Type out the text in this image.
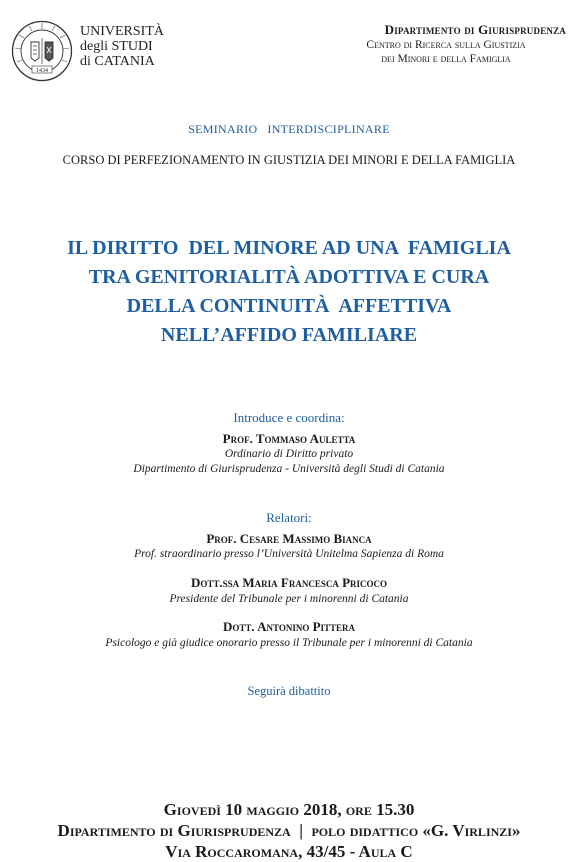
1434
UNIVERSITÀ
degli STUDI
di CATANIA
Dipartimento di Giurisprudenza
Centro di Ricerca sulla Giustizia
dei Minori e della Famiglia
SEMINARIO   INTERDISCIPLINARE
CORSO DI PERFEZIONAMENTO IN GIUSTIZIA DEI MINORI E DELLA FAMIGLIA
IL DIRITTO  DEL MINORE AD UNA  FAMIGLIA
TRA GENITORIALITÀ ADOTTIVA E CURA
DELLA CONTINUITÀ  AFFETTIVA
NELL’AFFIDO FAMILIARE
Introduce e coordina:
Prof. Tommaso Auletta
Ordinario di Diritto privato
Dipartimento di Giurisprudenza - Università degli Studi di Catania
Relatori:
Prof. Cesare Massimo Bianca
Prof. straordinario presso l’Università Unitelma Sapienza di Roma
Dott.ssa Maria Francesca Pricoco
Presidente del Tribunale per i minorenni di Catania
Dott. Antonino Pittera
Psicologo e già giudice onorario presso il Tribunale per i minorenni di Catania
Seguirà dibattito
Giovedì 10 maggio 2018, ore 15.30
Dipartimento di Giurisprudenza  |  polo didattico «G. Virlinzi»
Via Roccaromana, 43/45 - Aula C
